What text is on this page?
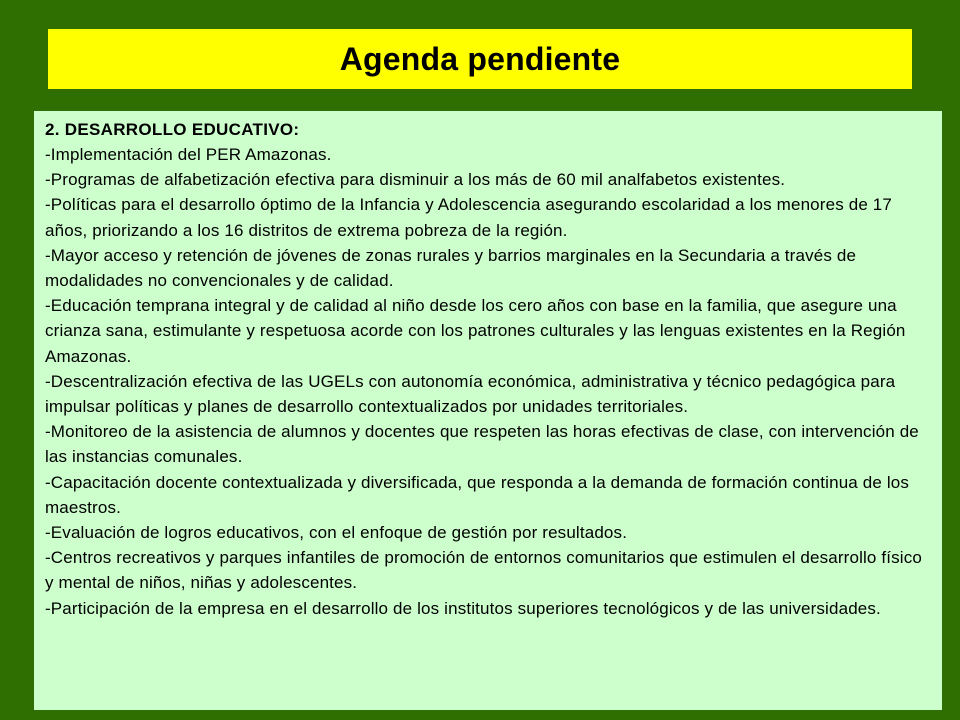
Agenda pendiente

2. DESARROLLO EDUCATIVO:

-Implementación del PER Amazonas.
-Programas de alfabetización efectiva para disminuir a los más de 60 mil analfabetos existentes.
-Políticas para el desarrollo óptimo de la Infancia y Adolescencia asegurando escolaridad a los menores de 17 años, priorizando a los 16 distritos de extrema pobreza de la región.
-Mayor acceso y retención de jóvenes de zonas rurales y barrios marginales en la Secundaria a través de modalidades no convencionales y de calidad.
-Educación temprana integral y de calidad al niño desde los cero años con base en la familia, que asegure una crianza sana, estimulante y respetuosa acorde con los patrones culturales y las lenguas existentes en la Región Amazonas.
-Descentralización efectiva de las UGELs con autonomía económica, administrativa y técnico pedagógica para impulsar políticas y planes de desarrollo contextualizados por unidades territoriales.
-Monitoreo de la asistencia de alumnos y docentes que respeten las horas efectivas de clase, con intervención de las instancias comunales.
-Capacitación docente contextualizada y diversificada, que responda a la demanda de formación continua de los maestros.
-Evaluación de logros educativos, con el enfoque de gestión por resultados.
-Centros recreativos y parques infantiles de promoción de entornos comunitarios que estimulen el desarrollo físico y mental de niños, niñas y adolescentes.
-Participación de la empresa en el desarrollo de los institutos superiores tecnológicos y de las universidades.
